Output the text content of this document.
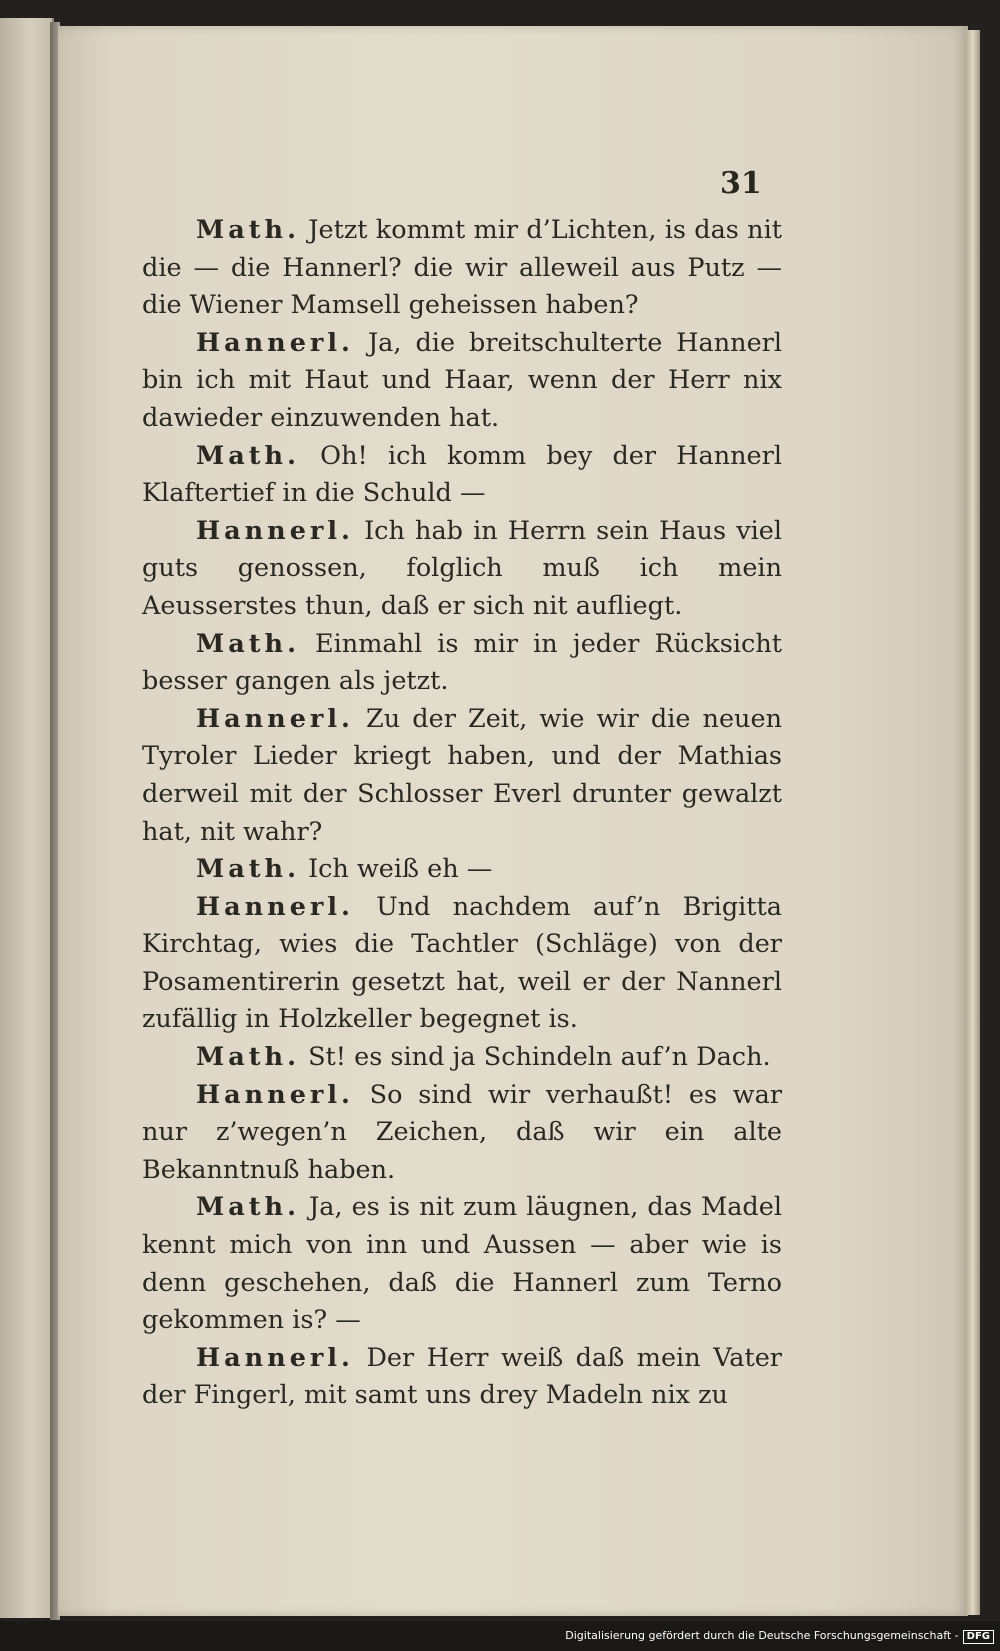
31

Math. Jetzt kommt mir d’Lichten, is das nit die — die Hannerl? die wir alleweil aus Putz — die Wiener Mamsell geheissen haben?

Hannerl. Ja, die breitschulterte Hannerl bin ich mit Haut und Haar, wenn der Herr nix dawieder einzuwenden hat.

Math. Oh! ich komm bey der Hannerl Klaftertief in die Schuld —

Hannerl. Ich hab in Herrn sein Haus viel guts genossen, folglich muß ich mein Aeusserstes thun, daß er sich nit aufliegt.

Math. Einmahl is mir in jeder Rücksicht besser gangen als jetzt.

Hannerl. Zu der Zeit, wie wir die neuen Tyroler Lieder kriegt haben, und der Mathias derweil mit der Schlosser Everl drunter gewalzt hat, nit wahr?

Math. Ich weiß eh —

Hannerl. Und nachdem auf’n Brigitta Kirchtag, wies die Tachtler (Schläge) von der Posamentirerin gesetzt hat, weil er der Nannerl zufällig in Holzkeller begegnet is.

Math. St! es sind ja Schindeln auf’n Dach.

Hannerl. So sind wir verhaußt! es war nur z’wegen’n Zeichen, daß wir ein alte Bekanntnuß haben.

Math. Ja, es is nit zum läugnen, das Madel kennt mich von inn und Aussen — aber wie is denn geschehen, daß die Hannerl zum Terno gekommen is? —

Hannerl. Der Herr weiß daß mein Vater der Fingerl, mit samt uns drey Madeln nix zu

Digitalisierung gefördert durch die Deutsche Forschungsgemeinschaft - DFG
